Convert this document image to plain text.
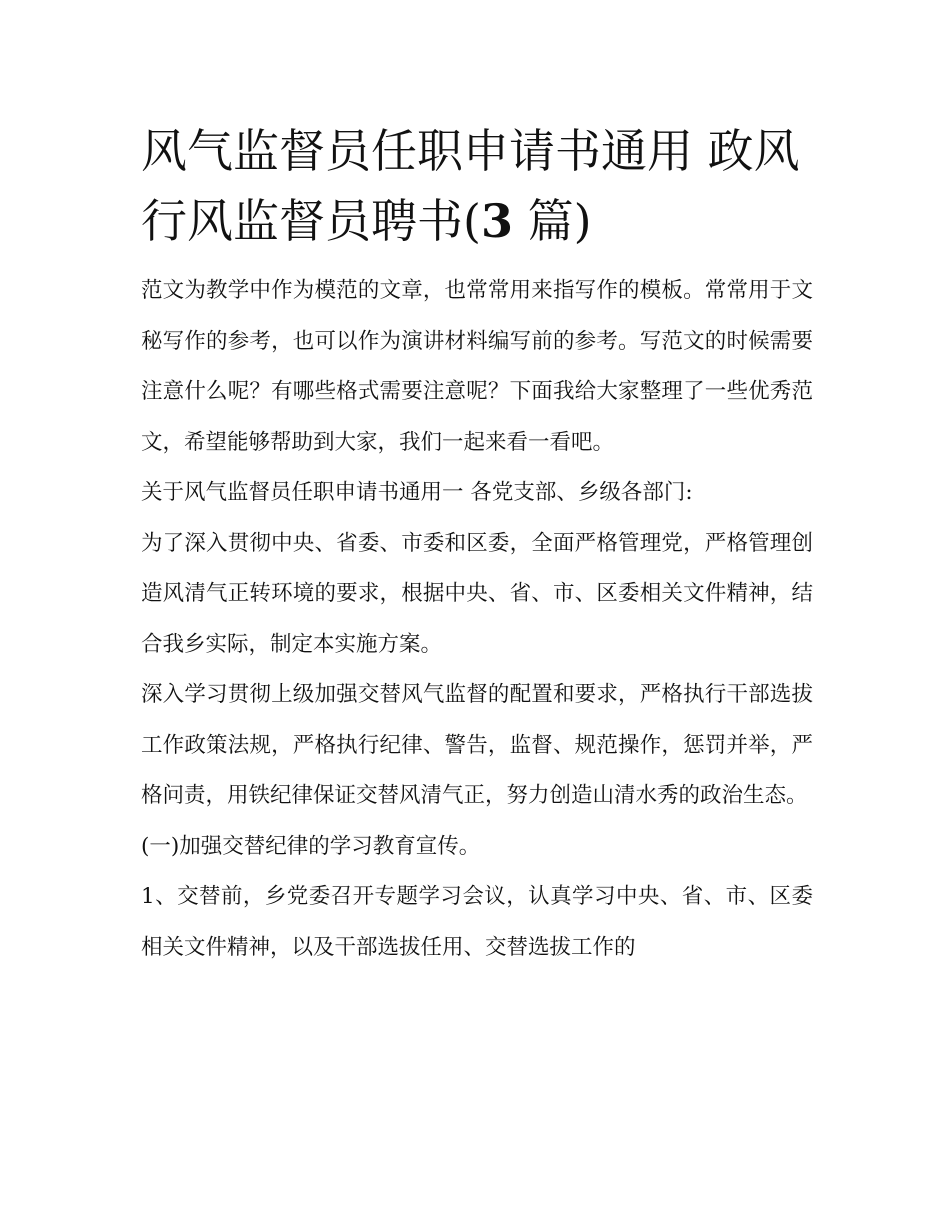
风气监督员任职申请书通用 政风行风监督员聘书(3 篇)

范文为教学中作为模范的文章，也常常用来指写作的模板。常常用于文秘写作的参考，也可以作为演讲材料编写前的参考。写范文的时候需要注意什么呢？有哪些格式需要注意呢？下面我给大家整理了一些优秀范文，希望能够帮助到大家，我们一起来看一看吧。

关于风气监督员任职申请书通用一 各党支部、乡级各部门:

为了深入贯彻中央、省委、市委和区委，全面严格管理党，严格管理创造风清气正转环境的要求，根据中央、省、市、区委相关文件精神，结合我乡实际，制定本实施方案。

深入学习贯彻上级加强交替风气监督的配置和要求，严格执行干部选拔工作政策法规，严格执行纪律、警告，监督、规范操作，惩罚并举，严格问责，用铁纪律保证交替风清气正，努力创造山清水秀的政治生态。

(一)加强交替纪律的学习教育宣传。

1、交替前，乡党委召开专题学习会议，认真学习中央、省、市、区委相关文件精神，以及干部选拔任用、交替选拔工作的
